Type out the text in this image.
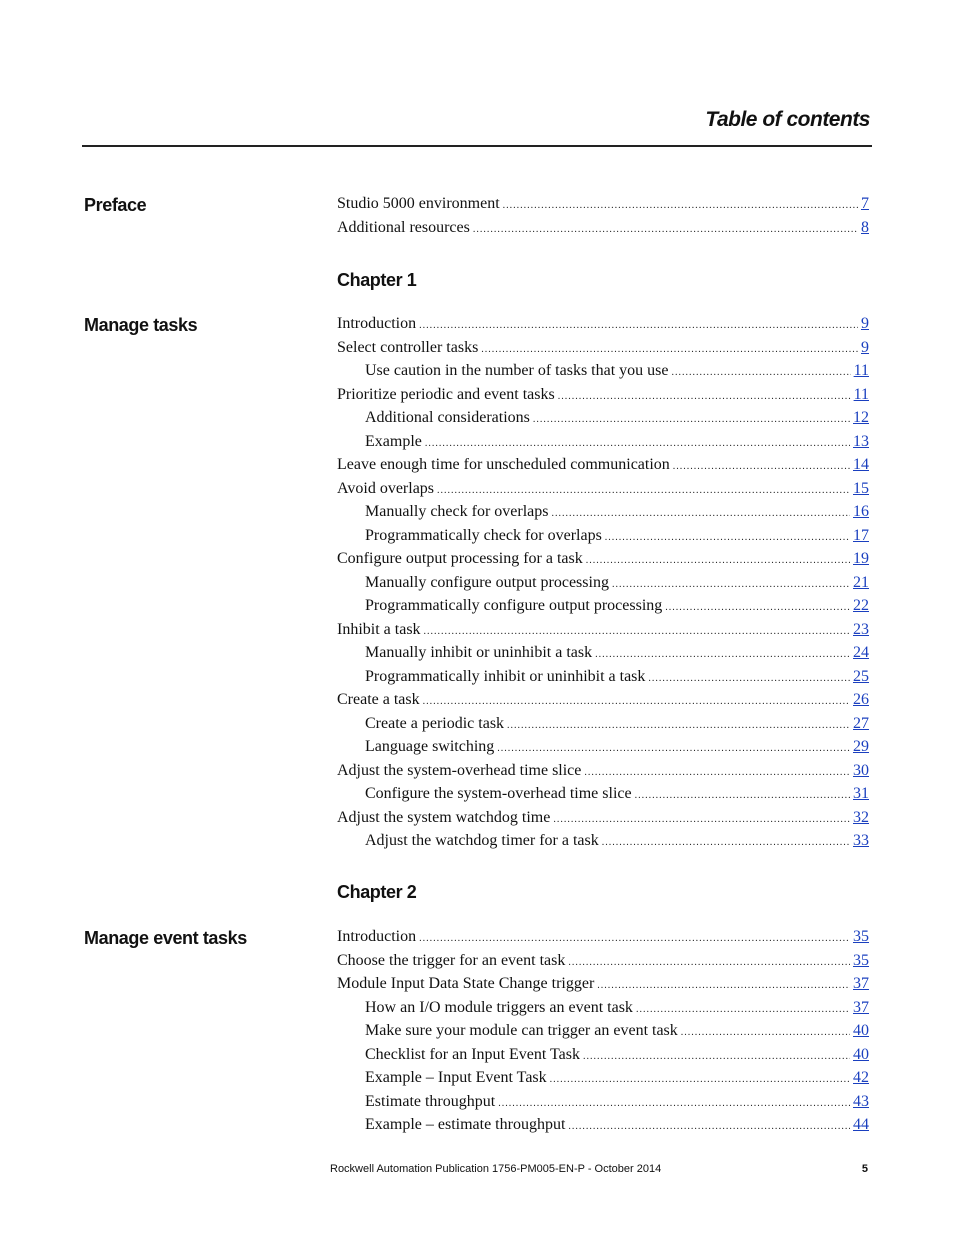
Table of contents
Preface	Studio 5000 environment .....	7
Additional resources .....	8
Chapter 1
Manage tasks	Introduction .....	9
Select controller tasks .....	9
Use caution in the number of tasks that you use .....	11
Prioritize periodic and event tasks .....	11
Additional considerations .....	12
Example .....	13
Leave enough time for unscheduled communication .....	14
Avoid overlaps .....	15
Manually check for overlaps .....	16
Programmatically check for overlaps .....	17
Configure output processing for a task .....	19
Manually configure output processing .....	21
Programmatically configure output processing .....	22
Inhibit a task .....	23
Manually inhibit or uninhibit a task .....	24
Programmatically inhibit or uninhibit a task .....	25
Create a task .....	26
Create a periodic task .....	27
Language switching .....	29
Adjust the system-overhead time slice .....	30
Configure the system-overhead time slice .....	31
Adjust the system watchdog time .....	32
Adjust the watchdog timer for a task .....	33
Chapter 2
Manage event tasks	Introduction .....	35
Choose the trigger for an event task .....	35
Module Input Data State Change trigger .....	37
How an I/O module triggers an event task .....	37
Make sure your module can trigger an event task .....	40
Checklist for an Input Event Task .....	40
Example – Input Event Task .....	42
Estimate throughput .....	43
Example – estimate throughput .....	44
Rockwell Automation Publication 1756-PM005-EN-P - October 2014	5
